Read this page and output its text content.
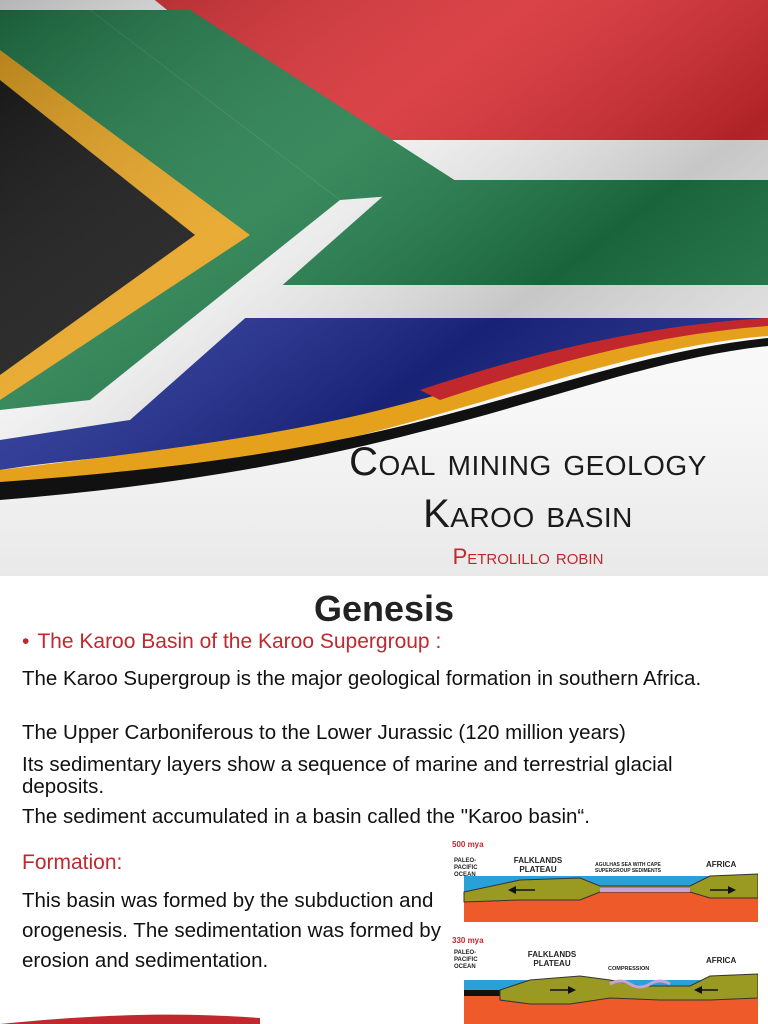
Coal mining geology
Karoo basin
Petrolillo robin
Genesis
• The Karoo Basin of the Karoo Supergroup :
The Karoo Supergroup is the major geological formation in southern Africa.
The Upper Carboniferous to the Lower Jurassic (120 million years)
Its sedimentary layers show a sequence of marine and terrestrial glacial deposits.
The sediment accumulated in a basin called the "Karoo basin“.
Formation:
This basin was formed by the subduction and orogenesis. The sedimentation was formed by erosion and sedimentation.
500 mya
PALEO-PACIFIC OCEAN
FALKLANDS PLATEAU	AGULHAS SEA WITH CAPE SUPERGROUP SEDIMENTS
AFRICA
330 mya
PALEO-PACIFIC OCEAN
FALKLANDS PLATEAU
COMPRESSION
AFRICA
